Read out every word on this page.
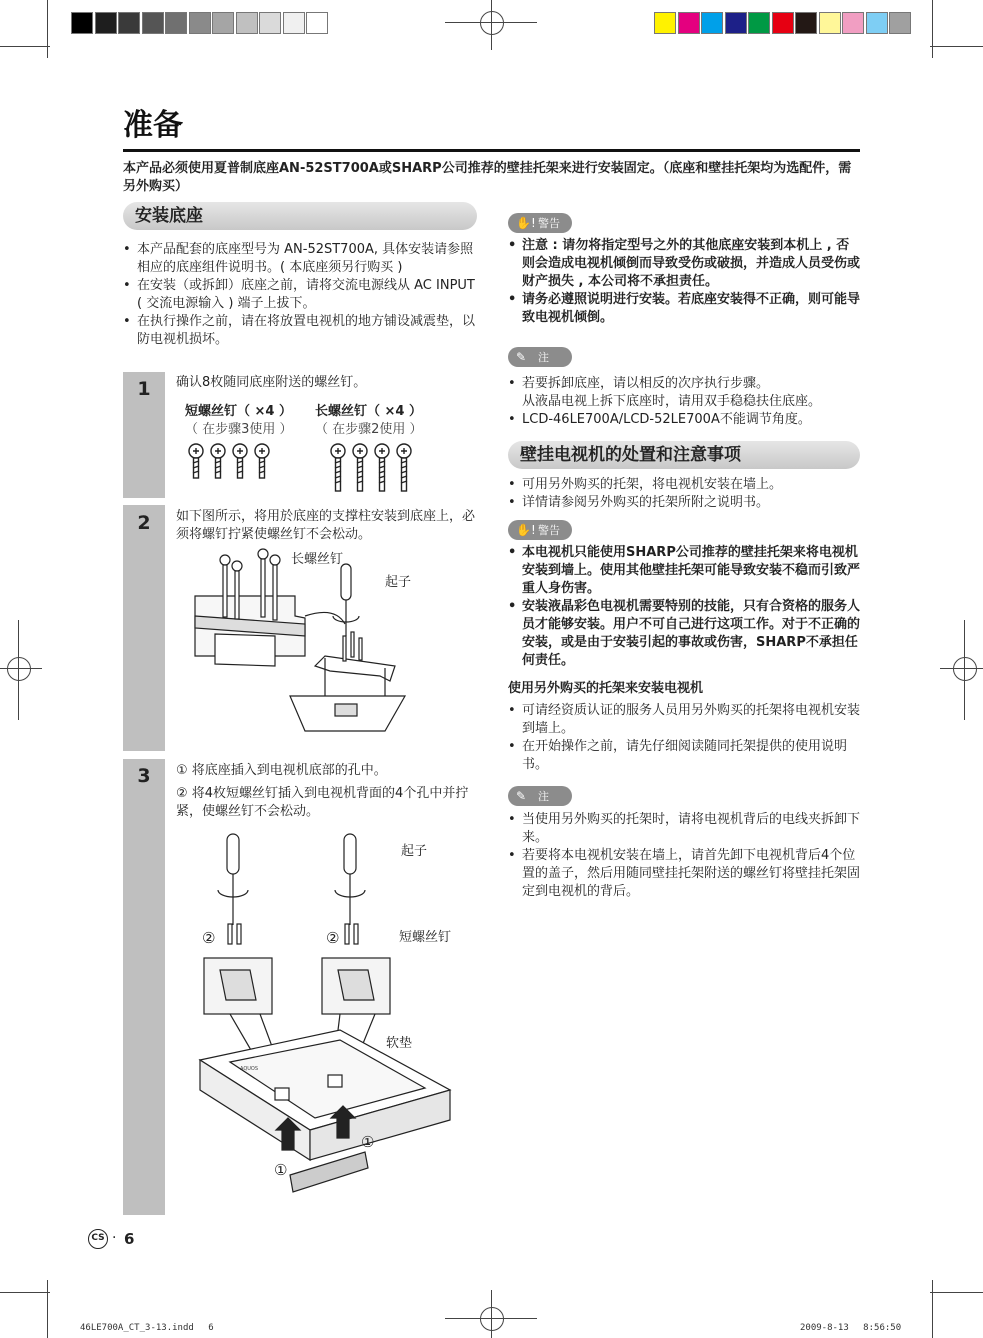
准备
本产品必须使用夏普制底座AN-52ST700A或SHARP公司推荐的壁挂托架来进行安装固定。（底座和壁挂托架均为选配件，需另外购买）
安装底座
• 本产品配套的底座型号为 AN-52ST700A, 具体安装请参照相应的底座组件说明书。( 本底座须另行购买 )
• 在安装（或拆卸）底座之前，请将交流电源线从 AC INPUT ( 交流电源输入 ) 端子上拔下。
• 在执行操作之前，请在将放置电视机的地方铺设减震垫，以防电视机损坏。
1
2
3
确认8枚随同底座附送的螺丝钉。
短螺丝钉（ ×4 ）
（ 在步骤3使用 ）
长螺丝钉（ ×4 ）
（ 在步骤2使用 ）
如下图所示，将用於底座的支撑柱安装到底座上，必须将螺钉拧紧使螺丝钉不会松动。
长螺丝钉
起子
① 将底座插入到电视机底部的孔中。
② 将4枚短螺丝钉插入到电视机背面的4个孔中并拧紧，使螺丝钉不会松动。
AQUOS
起子
短螺丝钉
软垫
②	②
①
①
✋! 警告
• 注意 : 请勿将指定型号之外的其他底座安装到本机上 , 否则会造成电视机倾倒而导致受伤或破损，并造成人员受伤或财产损失 , 本公司将不承担责任。
• 请务必遵照说明进行安装。若底座安装得不正确，则可能导致电视机倾倒。
✎ 注
• 若要拆卸底座，请以相反的次序执行步骤。
从液晶电视上拆下底座时，请用双手稳稳扶住底座。
• LCD-46LE700A/LCD-52LE700A不能调节角度。
壁挂电视机的处置和注意事项
• 可用另外购买的托架，将电视机安装在墙上。
• 详情请参阅另外购买的托架所附之说明书。
✋! 警告
• 本电视机只能使用SHARP公司推荐的壁挂托架来将电视机安装到墙上。使用其他壁挂托架可能导致安装不稳而引致严重人身伤害。
• 安装液晶彩色电视机需要特别的技能，只有合资格的服务人员才能够安装。用户不可自己进行这项工作。对于不正确的安装，或是由于安装引起的事故或伤害，SHARP不承担任何责任。
使用另外购买的托架来安装电视机
• 可请经资质认证的服务人员用另外购买的托架将电视机安装到墙上。
• 在开始操作之前，请先仔细阅读随同托架提供的使用说明书。
✎ 注
• 当使用另外购买的托架时，请将电视机背后的电线夹拆卸下来。
• 若要将本电视机安装在墙上，请首先卸下电视机背后4个位置的盖子，然后用随同壁挂托架附送的螺丝钉将壁挂托架固定到电视机的背后。
CS · 6
46LE700A_CT_3-13.indd　 6	2009-8-13　 8:56:50
